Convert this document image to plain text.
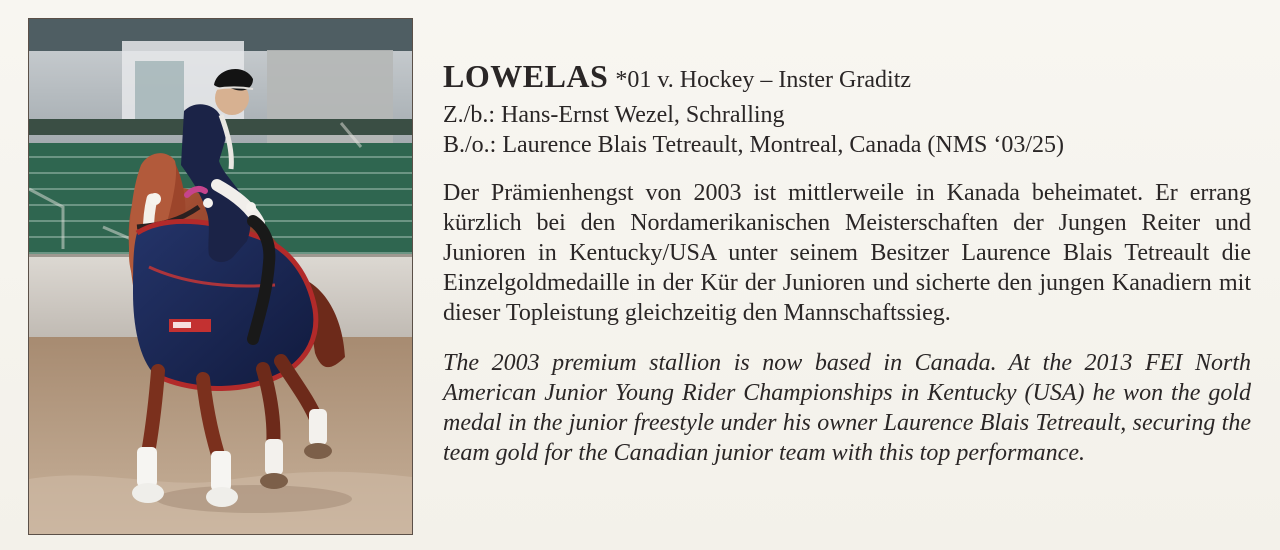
LOWELAS *01 v. Hockey – Inster Graditz
Z./b.: Hans-Ernst Wezel, Schralling
B./o.: Laurence Blais Tetreault, Montreal, Canada (NMS ‘03/25)
Der Prämienhengst von 2003 ist mittlerweile in Kanada beheimatet. Er errang kürzlich bei den Nordamerikanischen Meisterschaften der Jungen Reiter und Junioren in Kentucky/USA unter seinem Besitzer Laurence Blais Tetreault die Einzelgoldmedaille in der Kür der Junioren und sicherte den jungen Kanadiern mit dieser Topleistung gleichzeitig den Mannschaftssieg.
The 2003 premium stallion is now based in Canada. At the 2013 FEI North American Junior Young Rider Championships in Kentucky (USA) he won the gold medal in the junior freestyle under his owner Laurence Blais Tetreault, securing the team gold for the Canadian junior team with this top performance.
